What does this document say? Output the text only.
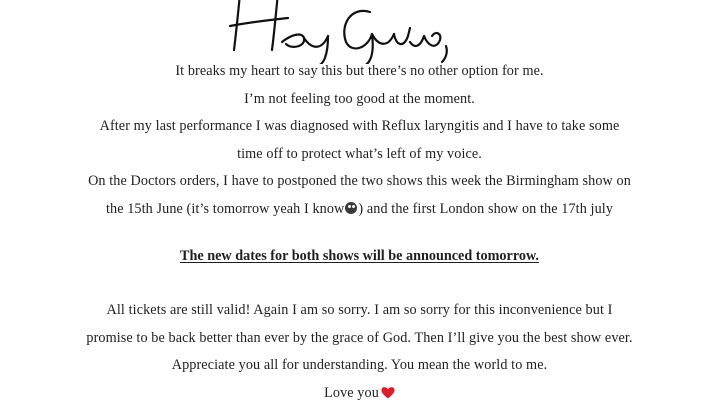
It breaks my heart to say this but there’s no other option for me.
I’m not feeling too good at the moment.
After my last performance I was diagnosed with Reflux laryngitis and I have to take some
time off to protect what’s left of my voice.
On the Doctors orders, I have to postponed the two shows this week the Birmingham show on
the 15th June (it’s tomorrow yeah I know ) and the first London show on the 17th july
The new dates for both shows will be announced tomorrow.
All tickets are still valid! Again I am so sorry. I am so sorry for this inconvenience but I
promise to be back better than ever by the grace of God. Then I’ll give you the best show ever.
Appreciate you all for understanding. You mean the world to me.
Love you
